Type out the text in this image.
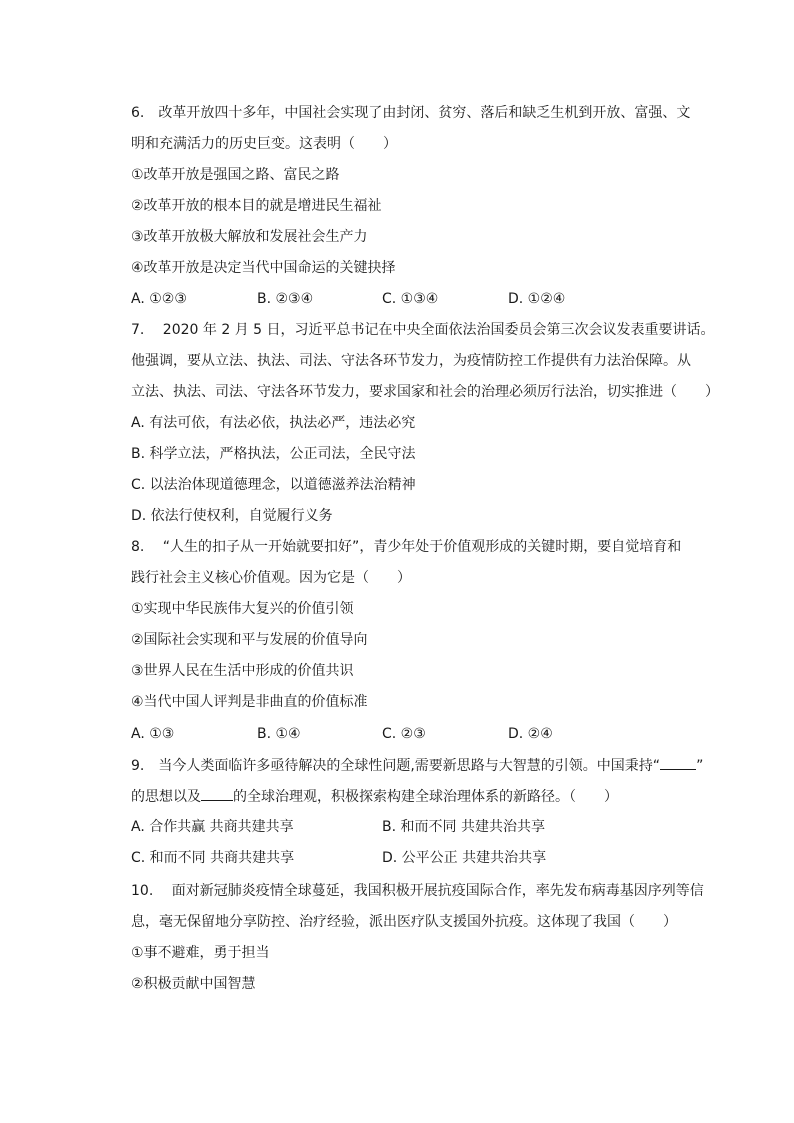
6.　改革开放四十多年，中国社会实现了由封闭、贫穷、落后和缺乏生机到开放、富强、文
明和充满活力的历史巨变。这表明（　　）
①改革开放是强国之路、富民之路
②改革开放的根本目的就是增进民生福祉
③改革开放极大解放和发展社会生产力
④改革开放是决定当代中国命运的关键抉择
A. ①②③	B. ②③④	C. ①③④	D. ①②④
7.　 2020 年 2 月 5 日，习近平总书记在中央全面依法治国委员会第三次会议发表重要讲话。
他强调，要从立法、执法、司法、守法各环节发力，为疫情防控工作提供有力法治保障。从
立法、执法、司法、守法各环节发力，要求国家和社会的治理必须厉行法治，切实推进（　　）
A. 有法可依，有法必依，执法必严，违法必究
B. 科学立法，严格执法，公正司法，全民守法
C. 以法治体现道德理念，以道德滋养法治精神
D. 依法行使权利，自觉履行义务
8.　 “人生的扣子从一开始就要扣好”，青少年处于价值观形成的关键时期，要自觉培育和
践行社会主义核心价值观。因为它是（　　）
①实现中华民族伟大复兴的价值引领
②国际社会实现和平与发展的价值导向
③世界人民在生活中形成的价值共识
④当代中国人评判是非曲直的价值标准
A. ①③	B. ①④	C. ②③	D. ②④
9.　当今人类面临许多亟待解决的全球性问题,需要新思路与大智慧的引领。中国秉持“	”
的思想以及 的全球治理观，积极探索构建全球治理体系的新路径。（　　）
A. 合作共赢 共商共建共享	B. 和而不同 共建共治共享
C. 和而不同 共商共建共享	D. 公平公正 共建共治共享
10.　 面对新冠肺炎疫情全球蔓延，我国积极开展抗疫国际合作，率先发布病毒基因序列等信
息，毫无保留地分享防控、治疗经验，派出医疗队支援国外抗疫。这体现了我国（　　）
①事不避难，勇于担当
②积极贡献中国智慧
